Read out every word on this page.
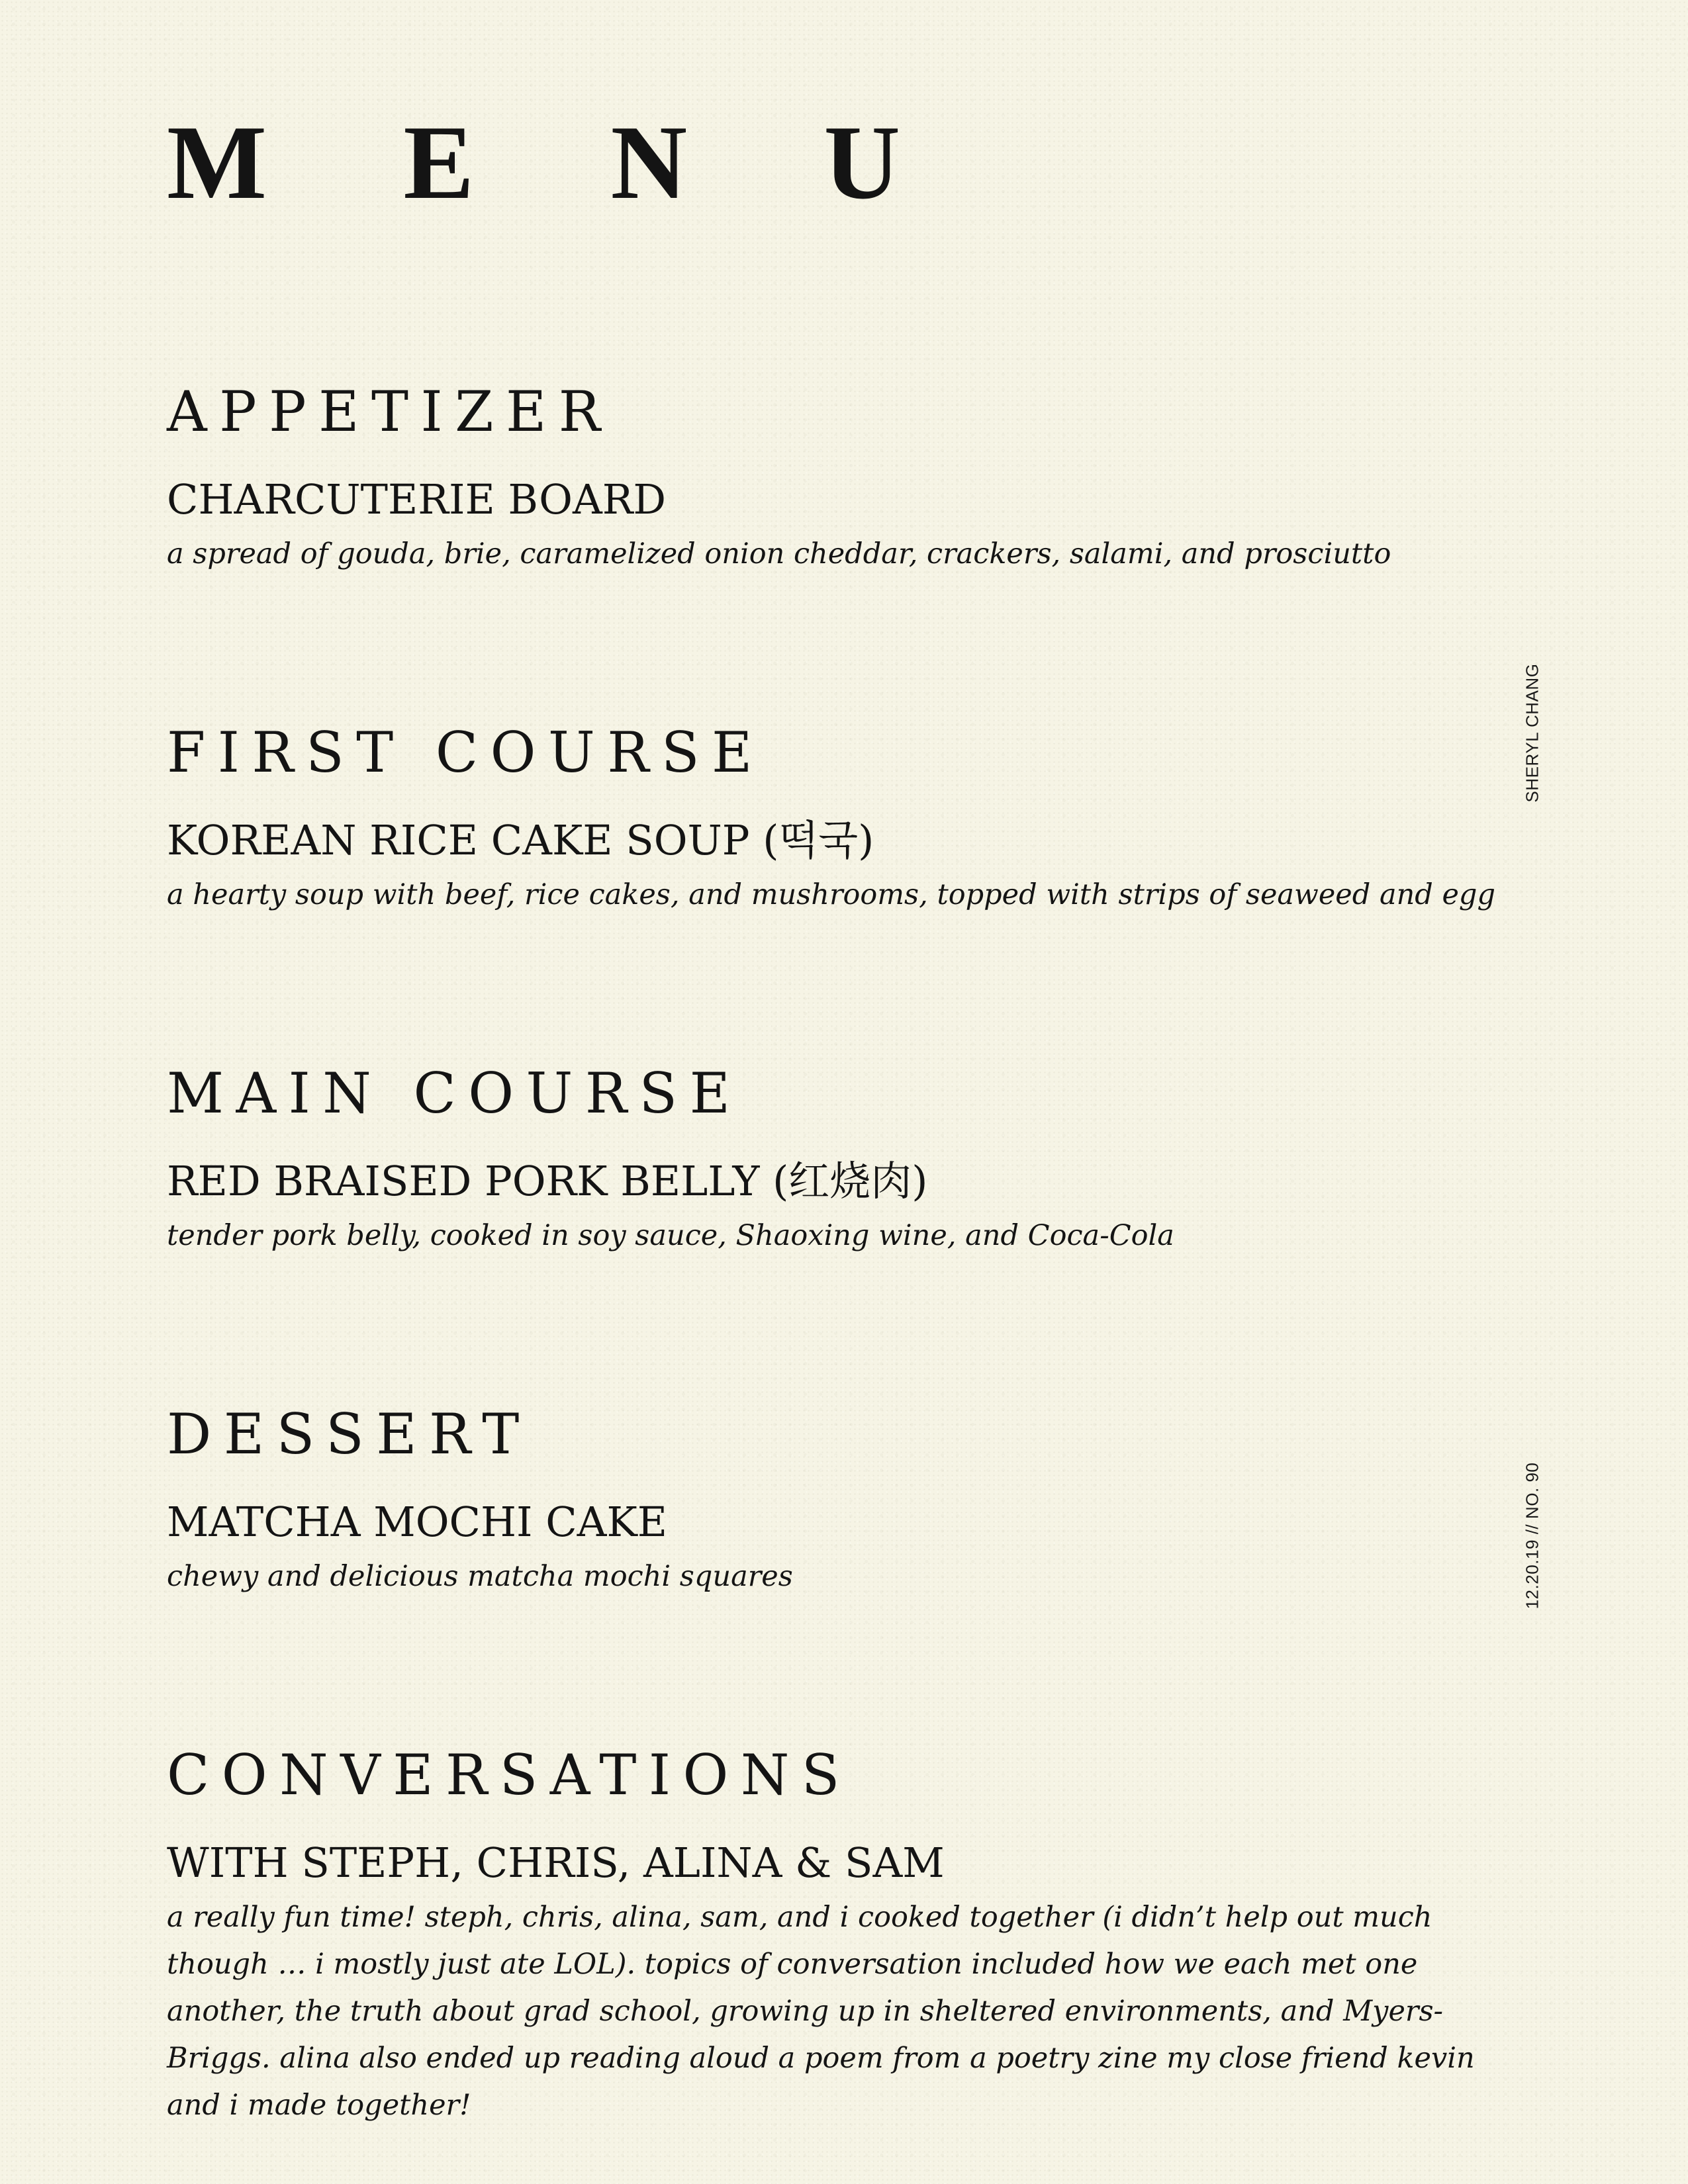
M E N U
APPETIZER
CHARCUTERIE BOARD
a spread of gouda, brie, caramelized onion cheddar, crackers, salami, and prosciutto
FIRST COURSE
KOREAN RICE CAKE SOUP (떡국)
a hearty soup with beef, rice cakes, and mushrooms, topped with strips of seaweed and egg
MAIN COURSE
RED BRAISED PORK BELLY (红烧肉)
tender pork belly, cooked in soy sauce, Shaoxing wine, and Coca-Cola
DESSERT
MATCHA MOCHI CAKE
chewy and delicious matcha mochi squares
CONVERSATIONS
WITH STEPH, CHRIS, ALINA & SAM
a really fun time! steph, chris, alina, sam, and i cooked together (i didn’t help out much though … i mostly just ate LOL). topics of conversation included how we each met one another, the truth about grad school, growing up in sheltered environments, and Myers-Briggs. alina also ended up reading aloud a poem from a poetry zine my close friend kevin and i made together!
SHERYL CHANG
12.20.19 // NO. 90
